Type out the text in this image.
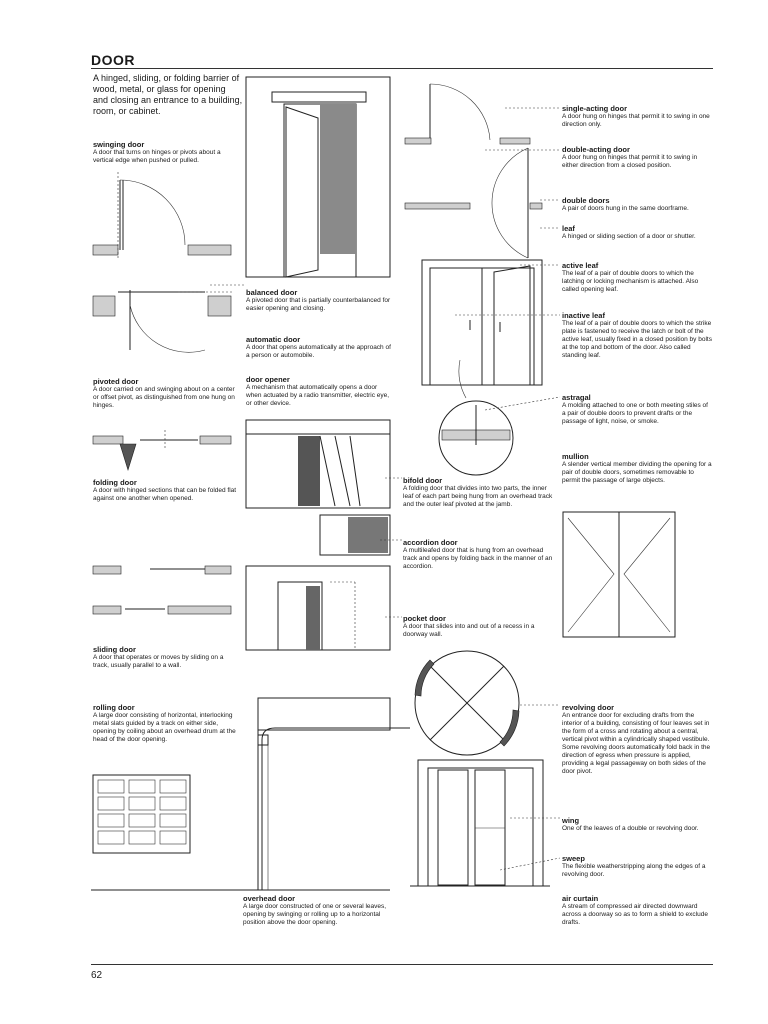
DOOR
A hinged, sliding, or folding barrier of wood, metal, or glass for opening and closing an entrance to a building, room, or cabinet.
swinging door
A door that turns on hinges or pivots about a vertical edge when pushed or pulled.
pivoted door
A door carried on and swinging about on a center or offset pivot, as distinguished from one hung on hinges.
folding door
A door with hinged sections that can be folded flat against one another when opened.
sliding door
A door that operates or moves by sliding on a track, usually parallel to a wall.
rolling door
A large door consisting of horizontal, interlocking metal slats guided by a track on either side, opening by coiling about an overhead drum at the head of the door opening.
balanced door
A pivoted door that is partially counterbalanced for easier opening and closing.
automatic door
A door that opens automatically at the approach of a person or automobile.
door opener
A mechanism that automatically opens a door when actuated by a radio transmitter, electric eye, or other device.
overhead door
A large door constructed of one or several leaves, opening by swinging or rolling up to a horizontal position above the door opening.
bifold door
A folding door that divides into two parts, the inner leaf of each part being hung from an overhead track and the outer leaf pivoted at the jamb.
accordion door
A multileafed door that is hung from an overhead track and opens by folding back in the manner of an accordion.
pocket door
A door that slides into and out of a recess in a doorway wall.
single-acting door
A door hung on hinges that permit it to swing in one direction only.
double-acting door
A door hung on hinges that permit it to swing in either direction from a closed position.
double doors
A pair of doors hung in the same doorframe.
leaf
A hinged or sliding section of a door or shutter.
active leaf
The leaf of a pair of double doors to which the latching or locking mechanism is attached. Also called opening leaf.
inactive leaf
The leaf of a pair of double doors to which the strike plate is fastened to receive the latch or bolt of the active leaf, usually fixed in a closed position by bolts at the top and bottom of the door. Also called standing leaf.
astragal
A molding attached to one or both meeting stiles of a pair of double doors to prevent drafts or the passage of light, noise, or smoke.
mullion
A slender vertical member dividing the opening for a pair of double doors, sometimes removable to permit the passage of large objects.
revolving door
An entrance door for excluding drafts from the interior of a building, consisting of four leaves set in the form of a cross and rotating about a central, vertical pivot within a cylindrically shaped vestibule. Some revolving doors automatically fold back in the direction of egress when pressure is applied, providing a legal passageway on both sides of the door pivot.
wing
One of the leaves of a double or revolving door.
sweep
The flexible weatherstripping along the edges of a revolving door.
air curtain
A stream of compressed air directed downward across a doorway so as to form a shield to exclude drafts.
62
